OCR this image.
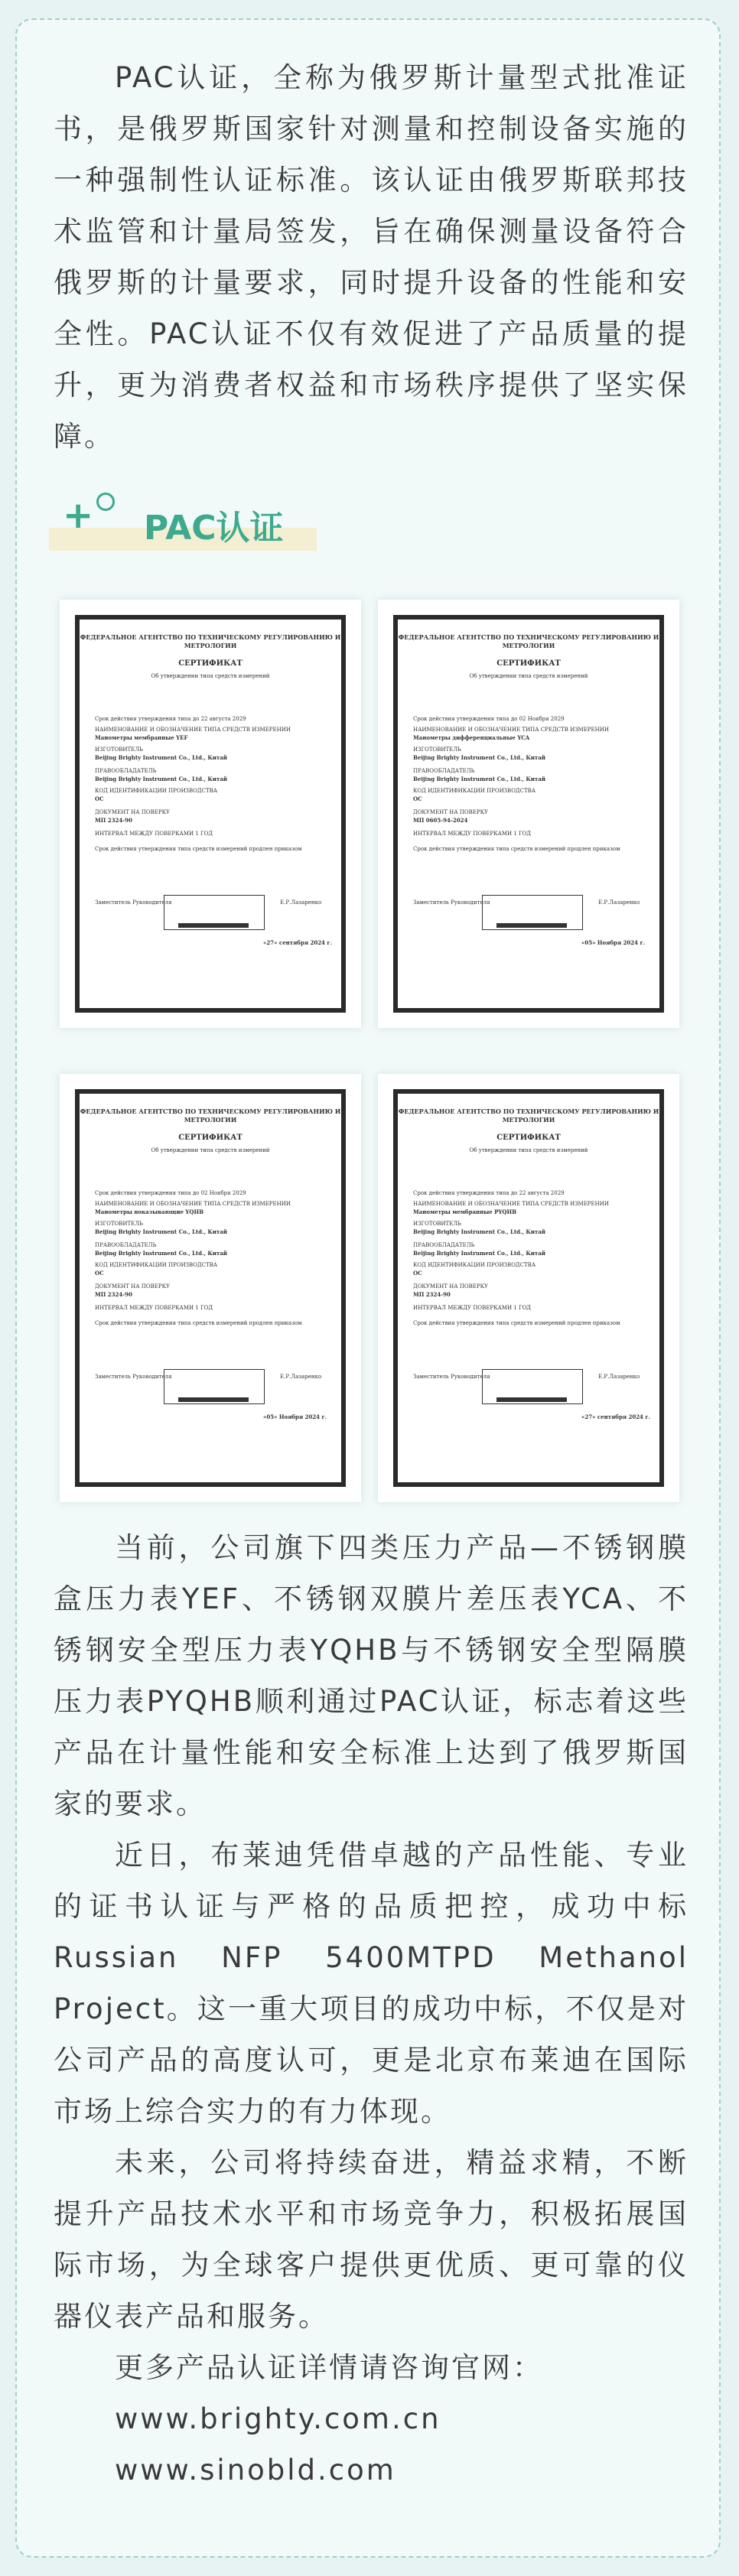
PAC认证，全称为俄罗斯计量型式批准证书，是俄罗斯国家针对测量和控制设备实施的一种强制性认证标准。该认证由俄罗斯联邦技术监管和计量局签发，旨在确保测量设备符合俄罗斯的计量要求，同时提升设备的性能和安全性。PAC认证不仅有效促进了产品质量的提升，更为消费者权益和市场秩序提供了坚实保障。

+ PAC认证
ФЕДЕРАЛЬНОЕ АГЕНТСТВО ПО ТЕХНИЧЕСКОМУ РЕГУЛИРОВАНИЮ И МЕТРОЛОГИИ
СЕРТИФИКАТ
Об утверждении типа средств измерений
Срок действия утверждения типа до 22 августа 2029
НАИМЕНОВАНИЕ И ОБОЗНАЧЕНИЕ ТИПА СРЕДСТВ ИЗМЕРЕНИЙ
Манометры мембранные YEF
ИЗГОТОВИТЕЛЬ
Beijing Brighty Instrument Co., Ltd., Китай
ПРАВООБЛАДАТЕЛЬ
Beijing Brighty Instrument Co., Ltd., Китай
КОД ИДЕНТИФИКАЦИИ ПРОИЗВОДСТВА
ОС
ДОКУМЕНТ НА ПОВЕРКУ
МП 2324-90
ИНТЕРВАЛ МЕЖДУ ПОВЕРКАМИ 1 ГОД
Срок действия утверждения типа средств измерений продлен приказом
Заместитель Руководителя	Е.Р.Лазаренко
«27» сентября 2024 г.
ФЕДЕРАЛЬНОЕ АГЕНТСТВО ПО ТЕХНИЧЕСКОМУ РЕГУЛИРОВАНИЮ И МЕТРОЛОГИИ
СЕРТИФИКАТ
Об утверждении типа средств измерений
Срок действия утверждения типа до 02 Ноября 2029
НАИМЕНОВАНИЕ И ОБОЗНАЧЕНИЕ ТИПА СРЕДСТВ ИЗМЕРЕНИЙ
Манометры дифференциальные YCA
ИЗГОТОВИТЕЛЬ
Beijing Brighty Instrument Co., Ltd., Китай
ПРАВООБЛАДАТЕЛЬ
Beijing Brighty Instrument Co., Ltd., Китай
КОД ИДЕНТИФИКАЦИИ ПРОИЗВОДСТВА
ОС
ДОКУМЕНТ НА ПОВЕРКУ
МП 0605-94-2024
ИНТЕРВАЛ МЕЖДУ ПОВЕРКАМИ 1 ГОД
Срок действия утверждения типа средств измерений продлен приказом
Заместитель Руководителя	Е.Р.Лазаренко
«05» Ноября 2024 г.
ФЕДЕРАЛЬНОЕ АГЕНТСТВО ПО ТЕХНИЧЕСКОМУ РЕГУЛИРОВАНИЮ И МЕТРОЛОГИИ
СЕРТИФИКАТ
Об утверждении типа средств измерений
Срок действия утверждения типа до 02 Ноября 2029
НАИМЕНОВАНИЕ И ОБОЗНАЧЕНИЕ ТИПА СРЕДСТВ ИЗМЕРЕНИЙ
Манометры показывающие YQHB
ИЗГОТОВИТЕЛЬ
Beijing Brighty Instrument Co., Ltd., Китай
ПРАВООБЛАДАТЕЛЬ
Beijing Brighty Instrument Co., Ltd., Китай
КОД ИДЕНТИФИКАЦИИ ПРОИЗВОДСТВА
ОС
ДОКУМЕНТ НА ПОВЕРКУ
МП 2324-90
ИНТЕРВАЛ МЕЖДУ ПОВЕРКАМИ 1 ГОД
Срок действия утверждения типа средств измерений продлен приказом
Заместитель Руководителя	Е.Р.Лазаренко
«05» Ноября 2024 г.
ФЕДЕРАЛЬНОЕ АГЕНТСТВО ПО ТЕХНИЧЕСКОМУ РЕГУЛИРОВАНИЮ И МЕТРОЛОГИИ
СЕРТИФИКАТ
Об утверждении типа средств измерений
Срок действия утверждения типа до 22 августа 2029
НАИМЕНОВАНИЕ И ОБОЗНАЧЕНИЕ ТИПА СРЕДСТВ ИЗМЕРЕНИЙ
Манометры мембранные PYQHB
ИЗГОТОВИТЕЛЬ
Beijing Brighty Instrument Co., Ltd., Китай
ПРАВООБЛАДАТЕЛЬ
Beijing Brighty Instrument Co., Ltd., Китай
КОД ИДЕНТИФИКАЦИИ ПРОИЗВОДСТВА
ОС
ДОКУМЕНТ НА ПОВЕРКУ
МП 2324-90
ИНТЕРВАЛ МЕЖДУ ПОВЕРКАМИ 1 ГОД
Срок действия утверждения типа средств измерений продлен приказом
Заместитель Руководителя	Е.Р.Лазаренко
«27» сентября 2024 г.

当前，公司旗下四类压力产品—不锈钢膜盒压力表YEF、不锈钢双膜片差压表YCA、不锈钢安全型压力表YQHB与不锈钢安全型隔膜压力表PYQHB顺利通过PAC认证，标志着这些产品在计量性能和安全标准上达到了俄罗斯国家的要求。

近日，布莱迪凭借卓越的产品性能、专业的证书认证与严格的品质把控，成功中标Russian NFP 5400MTPD Methanol Project。这一重大项目的成功中标，不仅是对公司产品的高度认可，更是北京布莱迪在国际市场上综合实力的有力体现。

未来，公司将持续奋进，精益求精，不断提升产品技术水平和市场竞争力，积极拓展国际市场，为全球客户提供更优质、更可靠的仪器仪表产品和服务。

更多产品认证详情请咨询官网：

www.brighty.com.cn

www.sinobld.com
